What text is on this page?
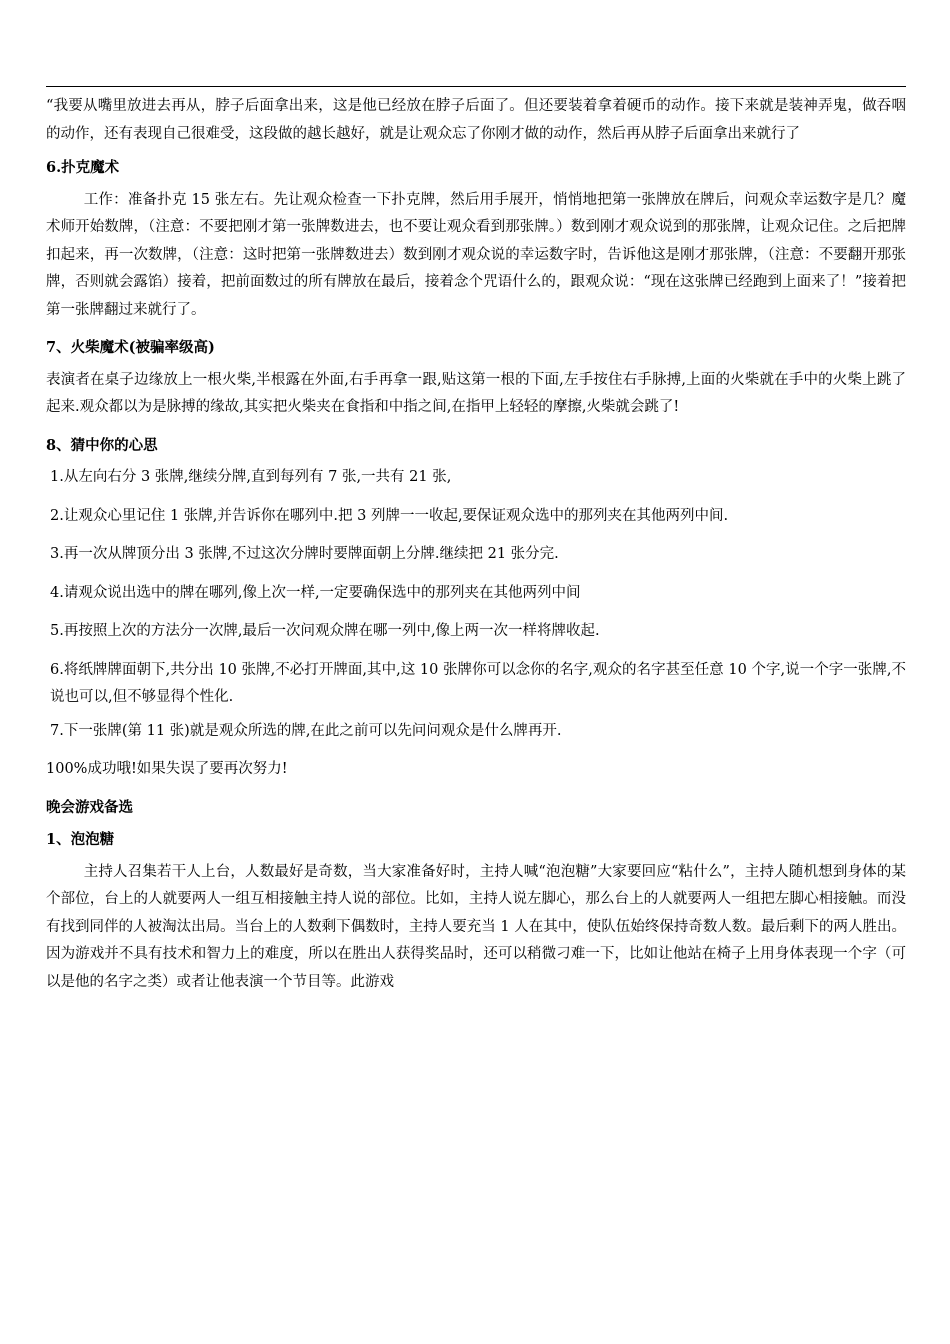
“我要从嘴里放进去再从，脖子后面拿出来，这是他已经放在脖子后面了。但还要装着拿着硬币的动作。接下来就是装神弄鬼，做吞咽的动作，还有表现自己很难受，这段做的越长越好，就是让观众忘了你刚才做的动作，然后再从脖子后面拿出来就行了

6.扑克魔术

工作：准备扑克 15 张左右。先让观众检查一下扑克牌，然后用手展开，悄悄地把第一张牌放在牌后，问观众幸运数字是几？魔术师开始数牌，（注意：不要把刚才第一张牌数进去，也不要让观众看到那张牌。）数到刚才观众说到的那张牌，让观众记住。之后把牌扣起来，再一次数牌，（注意：这时把第一张牌数进去）数到刚才观众说的幸运数字时，告诉他这是刚才那张牌，（注意：不要翻开那张牌，否则就会露馅）接着，把前面数过的所有牌放在最后，接着念个咒语什么的，跟观众说：“现在这张牌已经跑到上面来了！”接着把第一张牌翻过来就行了。

7、火柴魔术(被骗率级高)

表演者在桌子边缘放上一根火柴,半根露在外面,右手再拿一跟,贴这第一根的下面,左手按住右手脉搏,上面的火柴就在手中的火柴上跳了起来.观众都以为是脉搏的缘故,其实把火柴夹在食指和中指之间,在指甲上轻轻的摩擦,火柴就会跳了!

8、猜中你的心思

1.从左向右分 3 张牌,继续分牌,直到每列有 7 张,一共有 21 张,

2.让观众心里记住 1 张牌,并告诉你在哪列中.把 3 列牌一一收起,要保证观众选中的那列夹在其他两列中间.

3.再一次从牌顶分出 3 张牌,不过这次分牌时要牌面朝上分牌.继续把 21 张分完.

4.请观众说出选中的牌在哪列,像上次一样,一定要确保选中的那列夹在其他两列中间

5.再按照上次的方法分一次牌,最后一次问观众牌在哪一列中,像上两一次一样将牌收起.

6.将纸牌牌面朝下,共分出 10 张牌,不必打开牌面,其中,这 10 张牌你可以念你的名字,观众的名字甚至任意 10 个字,说一个字一张牌,不说也可以,但不够显得个性化.

7.下一张牌(第 11 张)就是观众所选的牌,在此之前可以先问问观众是什么牌再开.

100%成功哦!如果失误了要再次努力!

晚会游戏备选

1、泡泡糖

主持人召集若干人上台，人数最好是奇数，当大家准备好时，主持人喊“泡泡糖”大家要回应“粘什么”，主持人随机想到身体的某个部位，台上的人就要两人一组互相接触主持人说的部位。比如，主持人说左脚心，那么台上的人就要两人一组把左脚心相接触。而没有找到同伴的人被淘汰出局。当台上的人数剩下偶数时，主持人要充当 1 人在其中，使队伍始终保持奇数人数。最后剩下的两人胜出。因为游戏并不具有技术和智力上的难度，所以在胜出人获得奖品时，还可以稍微刁难一下，比如让他站在椅子上用身体表现一个字（可以是他的名字之类）或者让他表演一个节目等。此游戏
